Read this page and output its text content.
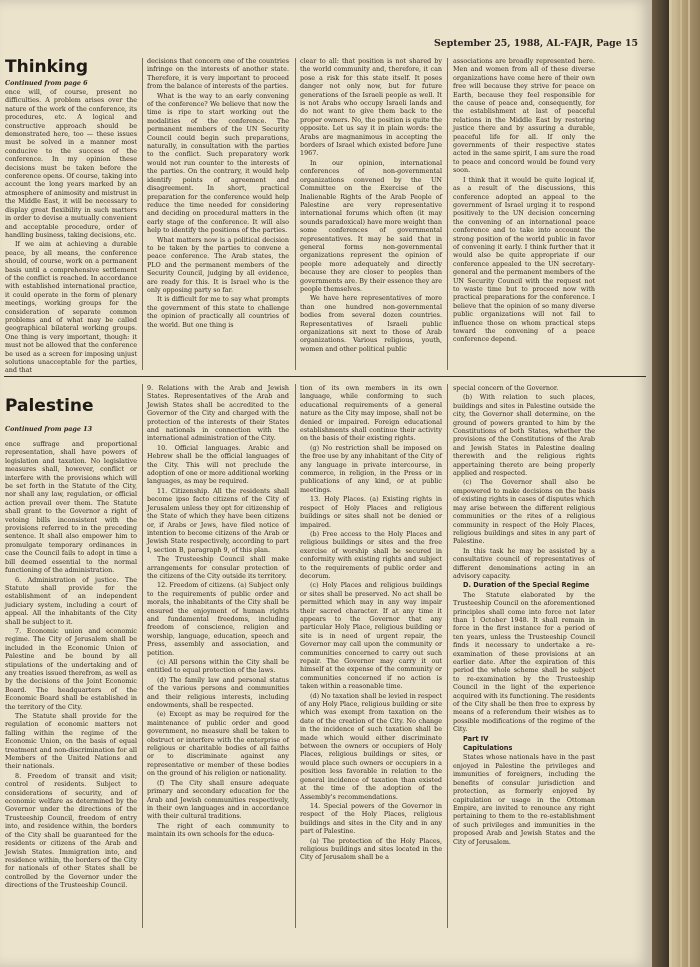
September 25, 1988, AL-FAJR, Page 15
Thinking
Continued from page 6

ence will, of course, present no difficulties. A problem arises over the nature of the work of the conference, its procedures, etc. A logical and constructive approach should be demonstrated here, too — these issues must be solved in a manner most conducive to the success of the conference. In my opinion these decisions must be taken before the conference opens. Of course, taking into account the long years marked by an atmosphere of animosity and mistrust in the Middle East, it will be necessary to display great flexibility in such matters in order to devise a mutually convenient and acceptable procedure, order of handling business, taking decisions, etc.

If we aim at achieving a durable peace, by all means, the conference should, of course, work on a permanent basis until a comprehensive settlement of the conflict is reached. In accordance with established international practice, it could operate in the form of plenary meetings, working groups for the consideration of separate common problems and of what may be called geographical bilateral working groups. One thing is very important, though: it must not be allowed that the conference be used as a screen for imposing unjust solutions unacceptable for the parties, and that

decisions that concern one of the countries infringe on the interests of another state. Therefore, it is very important to proceed from the balance of interests of the parties.

What is the way to an early convening of the conference? We believe that now the time is ripe to start working out the modalities of the conference. The permanent members of the UN Security Council could begin such preparations, naturally, in consultation with the parties to the conflict. Such preparatory work would not run counter to the interests of the parties. On the contrary, it would help identify points of agreement and disagreement. In short, practical preparation for the conference would help reduce the time needed for considering and deciding on procedural matters in the early stage of the conference. It will also help to identify the positions of the parties.

What matters now is a political decision to be taken by the parties to convene a peace conference. The Arab states, the PLO and the permanent members of the Security Council, judging by all evidence, are ready for this. It is Israel who is the only opposing party so far.

It is difficult for me to say what prompts the government of this state to challenge the opinion of practically all countries of the world. But one thing is

clear to all: that position is not shared by the world community and, therefore, it can pose a risk for this state itself. It poses danger not only now, but for future generations of the Israeli people as well. It is not Arabs who occupy Israeli lands and do not want to give them back to the proper owners. No, the position is quite the opposite. Let us say it in plain words: the Arabs are magnanimous in accepting the borders of Israel which existed before June 1967.

In our opinion, international conferences of non-governmental organizations convened by the UN Committee on the Exercise of the Inalienable Rights of the Arab People of Palestine are very representative international forums which often (it may sounds paradoxical) have more weight than some conferences of governmental representatives. It may be said that in general forms non-governmental organizations represent the opinion of people more adequately and directly because they are closer to peoples than governments are. By their essence they are people themselves.

We have here representatives of more than one hundred non-governmental bodies from several dozen countries. Representatives of Israeli public organizations sit next to those of Arab organizations. Various religious, youth, women and other political public

associations are broadly represented here. Men and women from all of these diverse organizations have come here of their own free will because they strive for peace on Earth, because they feel responsible for the cause of peace and, consequently, for the establishment at last of peaceful relations in the Middle East by restoring justice there and by assuring a durable, peaceful life for all. If only the governments of their respective states acted in the same spirit, I am sure the road to peace and concord would be found very soon.

I think that it would be quite logical if, as a result of the discussions, this conference adopted an appeal to the government of Israel urging it to respond positively to the UN decision concerning the convening of an international peace conference and to take into account the strong position of the world public in favor of convening it early. I think further that it would also be quite appropriate if our conference appealed to the UN secretary-general and the permanent members of the UN Security Council with the request not to waste time but to proceed now with practical preparations for the conference. I believe that the opinion of so many diverse public organizations will not fail to influence those on whom practical steps toward the convening of a peace conference depend.

Palestine
Continued from page 13

ence suffrage and proportional representation, shall have powers of legislation and taxation. No legislative measures shall, however, conflict or interfere with the provisions which will be set forth in the Statute of the City, nor shall any law, regulation, or official action prevail over them. The Statute shall grant to the Governor a right of vetoing bills inconsistent with the provisions referred to in the preceding sentence. It shall also empower him to promulgate temporary ordinances in case the Council fails to adopt in time a bill deemed essential to the normal functioning of the administration.

6. Administration of justice. The Statute shall provide for the establishment of an independent judiciary system, including a court of appeal. All the inhabitants of the City shall be subject to it.

7. Economic union and economic regime. The City of Jerusalem shall be included in the Economic Union of Palestine and be bound by all stipulations of the undertaking and of any treaties issued therefrom, as well as by the decisions of the Joint Economic Board. The headquarters of the Economic Board shall be established in the territory of the City.

The Statute shall provide for the regulation of economic matters not falling within the regime of the Economic Union, on the basis of equal treatment and non-discrimination for all Members of the United Nations and their nationals.

8. Freedom of transit and visit; control of residents. Subject to considerations of security, and of economic welfare as determined by the Governor under the directions of the Trusteeship Council, freedom of entry into, and residence within, the borders of the City shall be guaranteed for the residents or citizens of the Arab and Jewish States. Immigration into, and residence within, the borders of the City for nationals of other States shall be controlled by the Governor under the directions of the Trusteeship Council.

9. Relations with the Arab and Jewish States. Representatives of the Arab and Jewish States shall be accredited to the Governor of the City and charged with the protection of the interests of their States and nationals in connection with the international administration of the City.

10. Official languages. Arabic and Hebrew shall be the official languages of the City. This will not preclude the adoption of one or more additional working languages, as may be required.

11. Citizenship. All the residents shall become ipso facto citizens of the City of Jerusalem unless they opt for citizenship of the State of which they have been citizens or, if Arabs or Jews, have filed notice of intention to become citizens of the Arab or Jewish State respectively, according to part I, section B, paragraph 9, of this plan.

The Trusteeship Council shall make arrangements for consular protection of the citizens of the City outside its territory.

12. Freedom of citizens. (a) Subject only to the requirements of public order and morals, the inhabitants of the City shall be ensured the enjoyment of human rights and fundamental freedoms, including freedom of conscience, religion and worship, language, education, speech and Press, assembly and association, and petition.

(c) All persons within the City shall be entitled to equal protection of the laws.

(d) The family law and personal status of the various persons and communities and their religious interests, including endowments, shall be respected.

(e) Except as may be required for the maintenance of public order and good government, no measure shall be taken to obstruct or interfere with the enterprise of religious or charitable bodies of all faiths or to discriminate against any representative or member of these bodies on the ground of his religion or nationality.

(f) The City shall ensure adequate primary and secondary education for the Arab and Jewish communities respectively, in their own languages and in accordance with their cultural traditions.

The right of each community to maintain its own schools for the educa-

tion of its own members in its own language, while conforming to such educational requirements of a general nature as the City may impose, shall not be denied or impaired. Foreign educational establishments shall continue their activity on the basis of their existing rights.

(g) No restriction shall be imposed on the free use by any inhabitant of the City of any language in private intercourse, in commerce, in religion, in the Press or in publications of any kind, or at public meetings.

13. Holy Places. (a) Existing rights in respect of Holy Places and religious buildings or sites shall not be denied or impaired.

(b) Free access to the Holy Places and religious buildings or sites and the free exercise of worship shall be secured in conformity with existing rights and subject to the requirements of public order and decorum.

(c) Holy Places and religious buildings or sites shall be preserved. No act shall be permitted which may in any way impair their sacred character. If at any time it appears to the Governor that any particular Holy Place, religious building or site is in need of urgent repair, the Governor may call upon the community or communities concerned to carry out such repair. The Governor may carry it out himself at the expense of the community or communities concerned if no action is taken within a reasonable time.

(d) No taxation shall be levied in respect of any Holy Place, religious building or site which was exempt from taxation on the date of the creation of the City. No change in the incidence of such taxation shall be made which would either discriminate between the owners or occupiers of Holy Places, religious buildings or sites, or would place such owners or occupiers in a position less favorable in relation to the general incidence of taxation than existed at the time of the adoption of the Assembly's recommendations.

14. Special powers of the Governor in respect of the Holy Places, religious buildings and sites in the City and in any part of Palestine.

(a) The protection of the Holy Places, religious buildings and sites located in the City of Jerusalem shall be a

special concern of the Governor.

(b) With relation to such places, buildings and sites in Palestine outside the city, the Governor shall determine, on the ground of powers granted to him by the Constitutions of both States, whether the provisions of the Constitutions of the Arab and Jewish States in Palestine dealing therewith and the religious rights appertaining thereto are being properly applied and respected.

(c) The Governor shall also be empowered to make decisions on the basis of existing rights in cases of disputes which may arise between the different religious communities or the rites of a religious community in respect of the Holy Places, religious buildings and sites in any part of Palestine.

In this task he may be assisted by a consultative council of representatives of different denominations acting in an advisory capacity.

D. Duration of the Special Regime

The Statute elaborated by the Trusteeship Council on the aforementioned principles shall come into force not later than 1 October 1948. It shall remain in force in the first instance for a period of ten years, unless the Trusteeship Council finds it necessary to undertake a re-examination of these provisions at an earlier date. After the expiration of this period the whole scheme shall be subject to re-examination by the Trusteeship Council in the light of the experience acquired with its functioning. The residents of the City shall be then free to express by means of a referendum their wishes as to possible modifications of the regime of the City.

Part IV

Capitulations

States whose nationals have in the past enjoyed in Palestine the privileges and immunities of foreigners, including the benefits of consular jurisdiction and protection, as formerly enjoyed by capitulation or usage in the Ottoman Empire, are invited to renounce any right pertaining to them to the re-establishment of such privileges and immunities in the proposed Arab and Jewish States and the City of Jerusalem.
